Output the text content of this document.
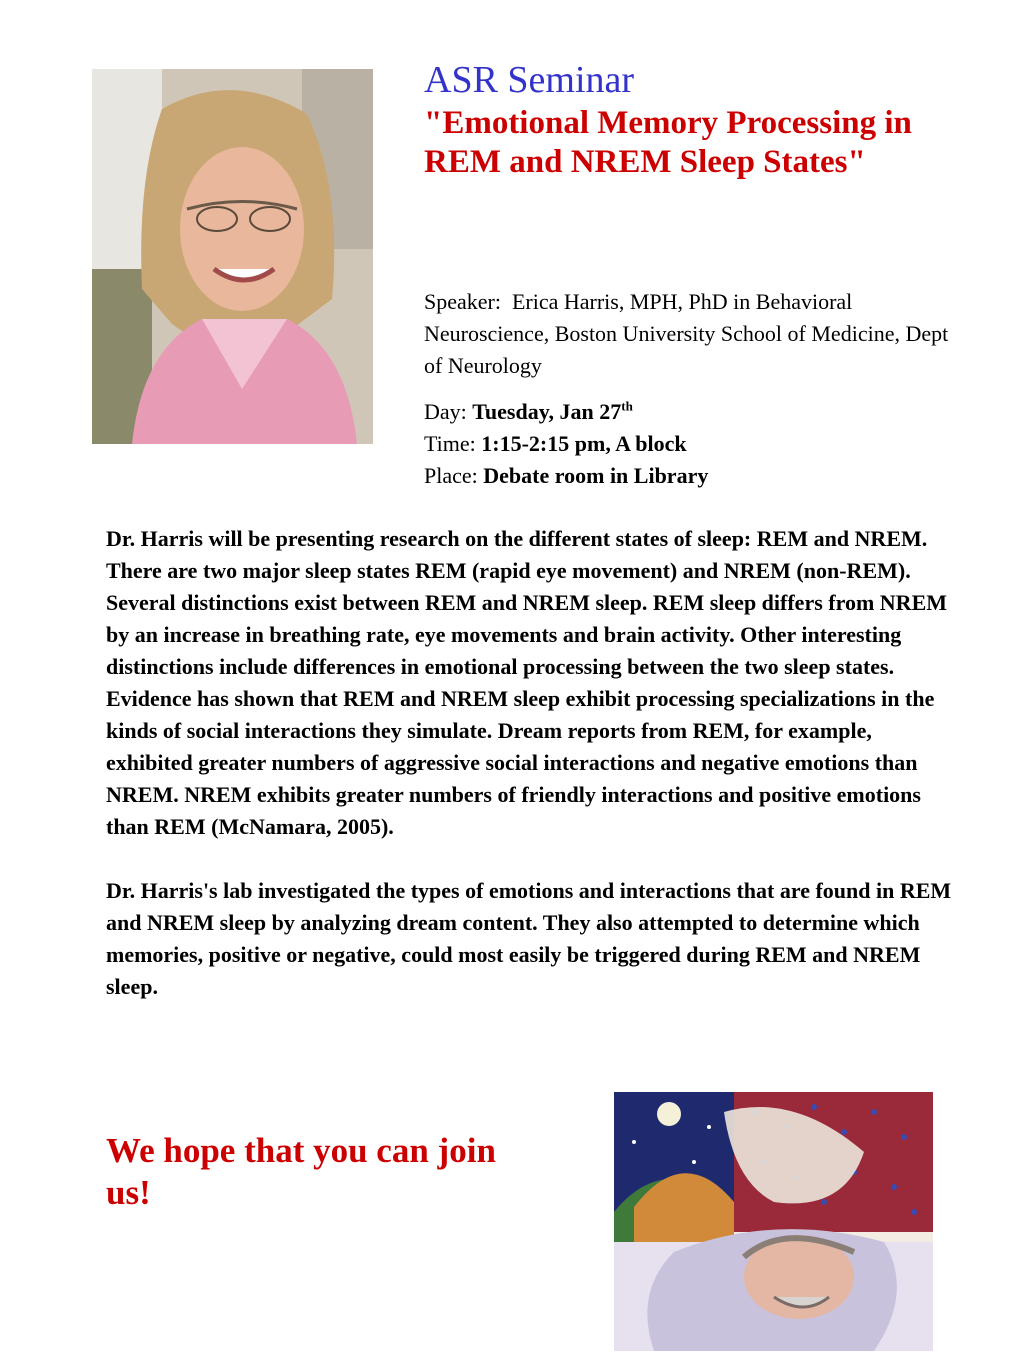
ASR Seminar
"Emotional Memory Processing in REM and NREM Sleep States"
Speaker: Erica Harris, MPH, PhD in Behavioral Neuroscience, Boston University School of Medicine, Dept of Neurology
Day: Tuesday, Jan 27th
Time: 1:15-2:15 pm, A block
Place: Debate room in Library

Dr. Harris will be presenting research on the different states of sleep: REM and NREM. There are two major sleep states REM (rapid eye movement) and NREM (non-REM). Several distinctions exist between REM and NREM sleep. REM sleep differs from NREM by an increase in breathing rate, eye movements and brain activity. Other interesting distinctions include differences in emotional processing between the two sleep states. Evidence has shown that REM and NREM sleep exhibit processing specializations in the kinds of social interactions they simulate. Dream reports from REM, for example, exhibited greater numbers of aggressive social interactions and negative emotions than NREM. NREM exhibits greater numbers of friendly interactions and positive emotions than REM (McNamara, 2005).

Dr. Harris's lab investigated the types of emotions and interactions that are found in REM and NREM sleep by analyzing dream content. They also attempted to determine which memories, positive or negative, could most easily be triggered during REM and NREM sleep.

We hope that you can join us!
